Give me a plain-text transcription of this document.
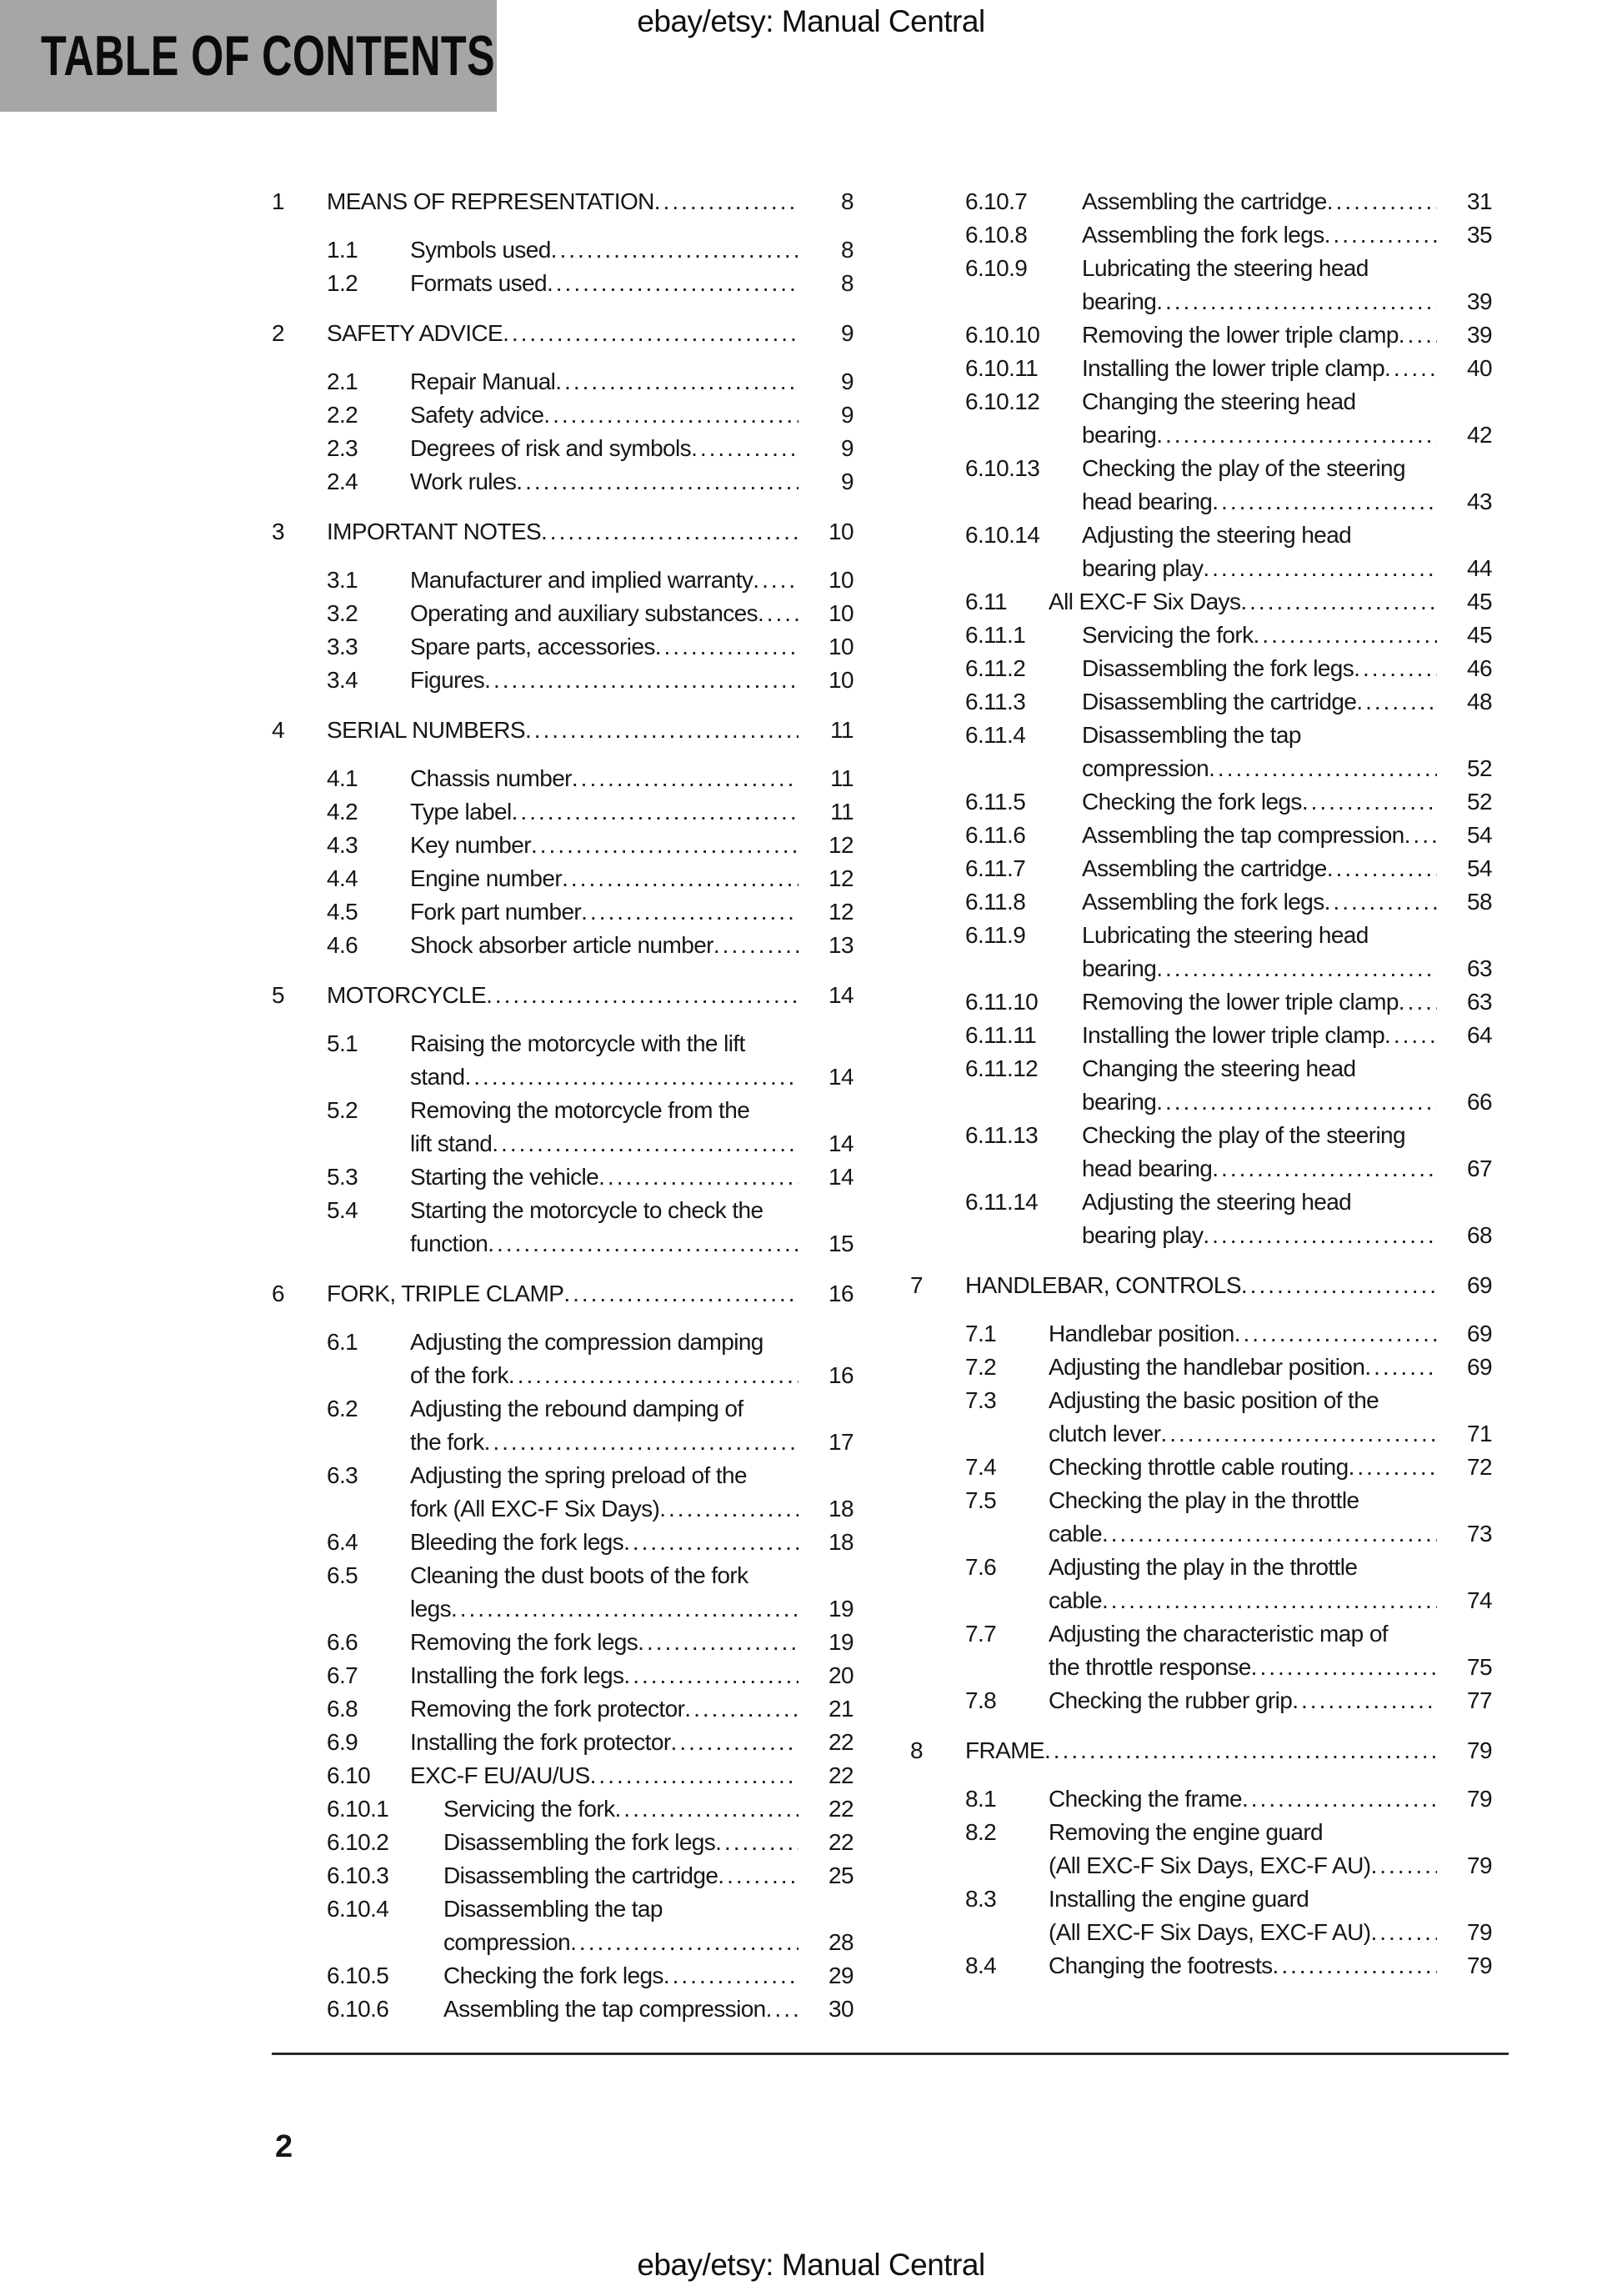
ebay/etsy: Manual Central
TABLE OF CONTENTS
1	MEANS OF REPRESENTATION .....	8
1.1	Symbols used .....	8
1.2	Formats used .....	8
2	SAFETY ADVICE .....	9
2.1	Repair Manual .....	9
2.2	Safety advice .....	9
2.3	Degrees of risk and symbols .....	9
2.4	Work rules .....	9
3	IMPORTANT NOTES .....	10
3.1	Manufacturer and implied warranty .....	10
3.2	Operating and auxiliary substances .....	10
3.3	Spare parts, accessories .....	10
3.4	Figures .....	10
4	SERIAL NUMBERS .....	11
4.1	Chassis number .....	11
4.2	Type label .....	11
4.3	Key number .....	12
4.4	Engine number .....	12
4.5	Fork part number .....	12
4.6	Shock absorber article number .....	13
5	MOTORCYCLE .....	14
5.1	Raising the motorcycle with the lift
stand .....	14
5.2	Removing the motorcycle from the
lift stand .....	14
5.3	Starting the vehicle .....	14
5.4	Starting the motorcycle to check the
function .....	15
6	FORK, TRIPLE CLAMP .....	16
6.1	Adjusting the compression damping
of the fork .....	16
6.2	Adjusting the rebound damping of
the fork .....	17
6.3	Adjusting the spring preload of the
fork (All EXC-F Six Days) .....	18
6.4	Bleeding the fork legs .....	18
6.5	Cleaning the dust boots of the fork
legs .....	19
6.6	Removing the fork legs .....	19
6.7	Installing the fork legs .....	20
6.8	Removing the fork protector .....	21
6.9	Installing the fork protector .....	22
6.10	EXC-F EU/AU/US .....	22
6.10.1	Servicing the fork .....	22
6.10.2	Disassembling the fork legs .....	22
6.10.3	Disassembling the cartridge .....	25
6.10.4	Disassembling the tap
compression .....	28
6.10.5	Checking the fork legs .....	29
6.10.6	Assembling the tap compression .....	30
6.10.7	Assembling the cartridge .....	31
6.10.8	Assembling the fork legs .....	35
6.10.9	Lubricating the steering head
bearing .....	39
6.10.10	Removing the lower triple clamp .....	39
6.10.11	Installing the lower triple clamp .....	40
6.10.12	Changing the steering head
bearing .....	42
6.10.13	Checking the play of the steering
head bearing .....	43
6.10.14	Adjusting the steering head
bearing play .....	44
6.11	All EXC-F Six Days .....	45
6.11.1	Servicing the fork .....	45
6.11.2	Disassembling the fork legs .....	46
6.11.3	Disassembling the cartridge .....	48
6.11.4	Disassembling the tap
compression .....	52
6.11.5	Checking the fork legs .....	52
6.11.6	Assembling the tap compression .....	54
6.11.7	Assembling the cartridge .....	54
6.11.8	Assembling the fork legs .....	58
6.11.9	Lubricating the steering head
bearing .....	63
6.11.10	Removing the lower triple clamp .....	63
6.11.11	Installing the lower triple clamp .....	64
6.11.12	Changing the steering head
bearing .....	66
6.11.13	Checking the play of the steering
head bearing .....	67
6.11.14	Adjusting the steering head
bearing play .....	68
7	HANDLEBAR, CONTROLS .....	69
7.1	Handlebar position .....	69
7.2	Adjusting the handlebar position .....	69
7.3	Adjusting the basic position of the
clutch lever .....	71
7.4	Checking throttle cable routing .....	72
7.5	Checking the play in the throttle
cable .....	73
7.6	Adjusting the play in the throttle
cable .....	74
7.7	Adjusting the characteristic map of
the throttle response .....	75
7.8	Checking the rubber grip .....	77
8	FRAME .....	79
8.1	Checking the frame .....	79
8.2	Removing the engine guard
(All EXC-F Six Days, EXC-F AU) .....	79
8.3	Installing the engine guard
(All EXC-F Six Days, EXC-F AU) .....	79
8.4	Changing the footrests .....	79
2
ebay/etsy: Manual Central
